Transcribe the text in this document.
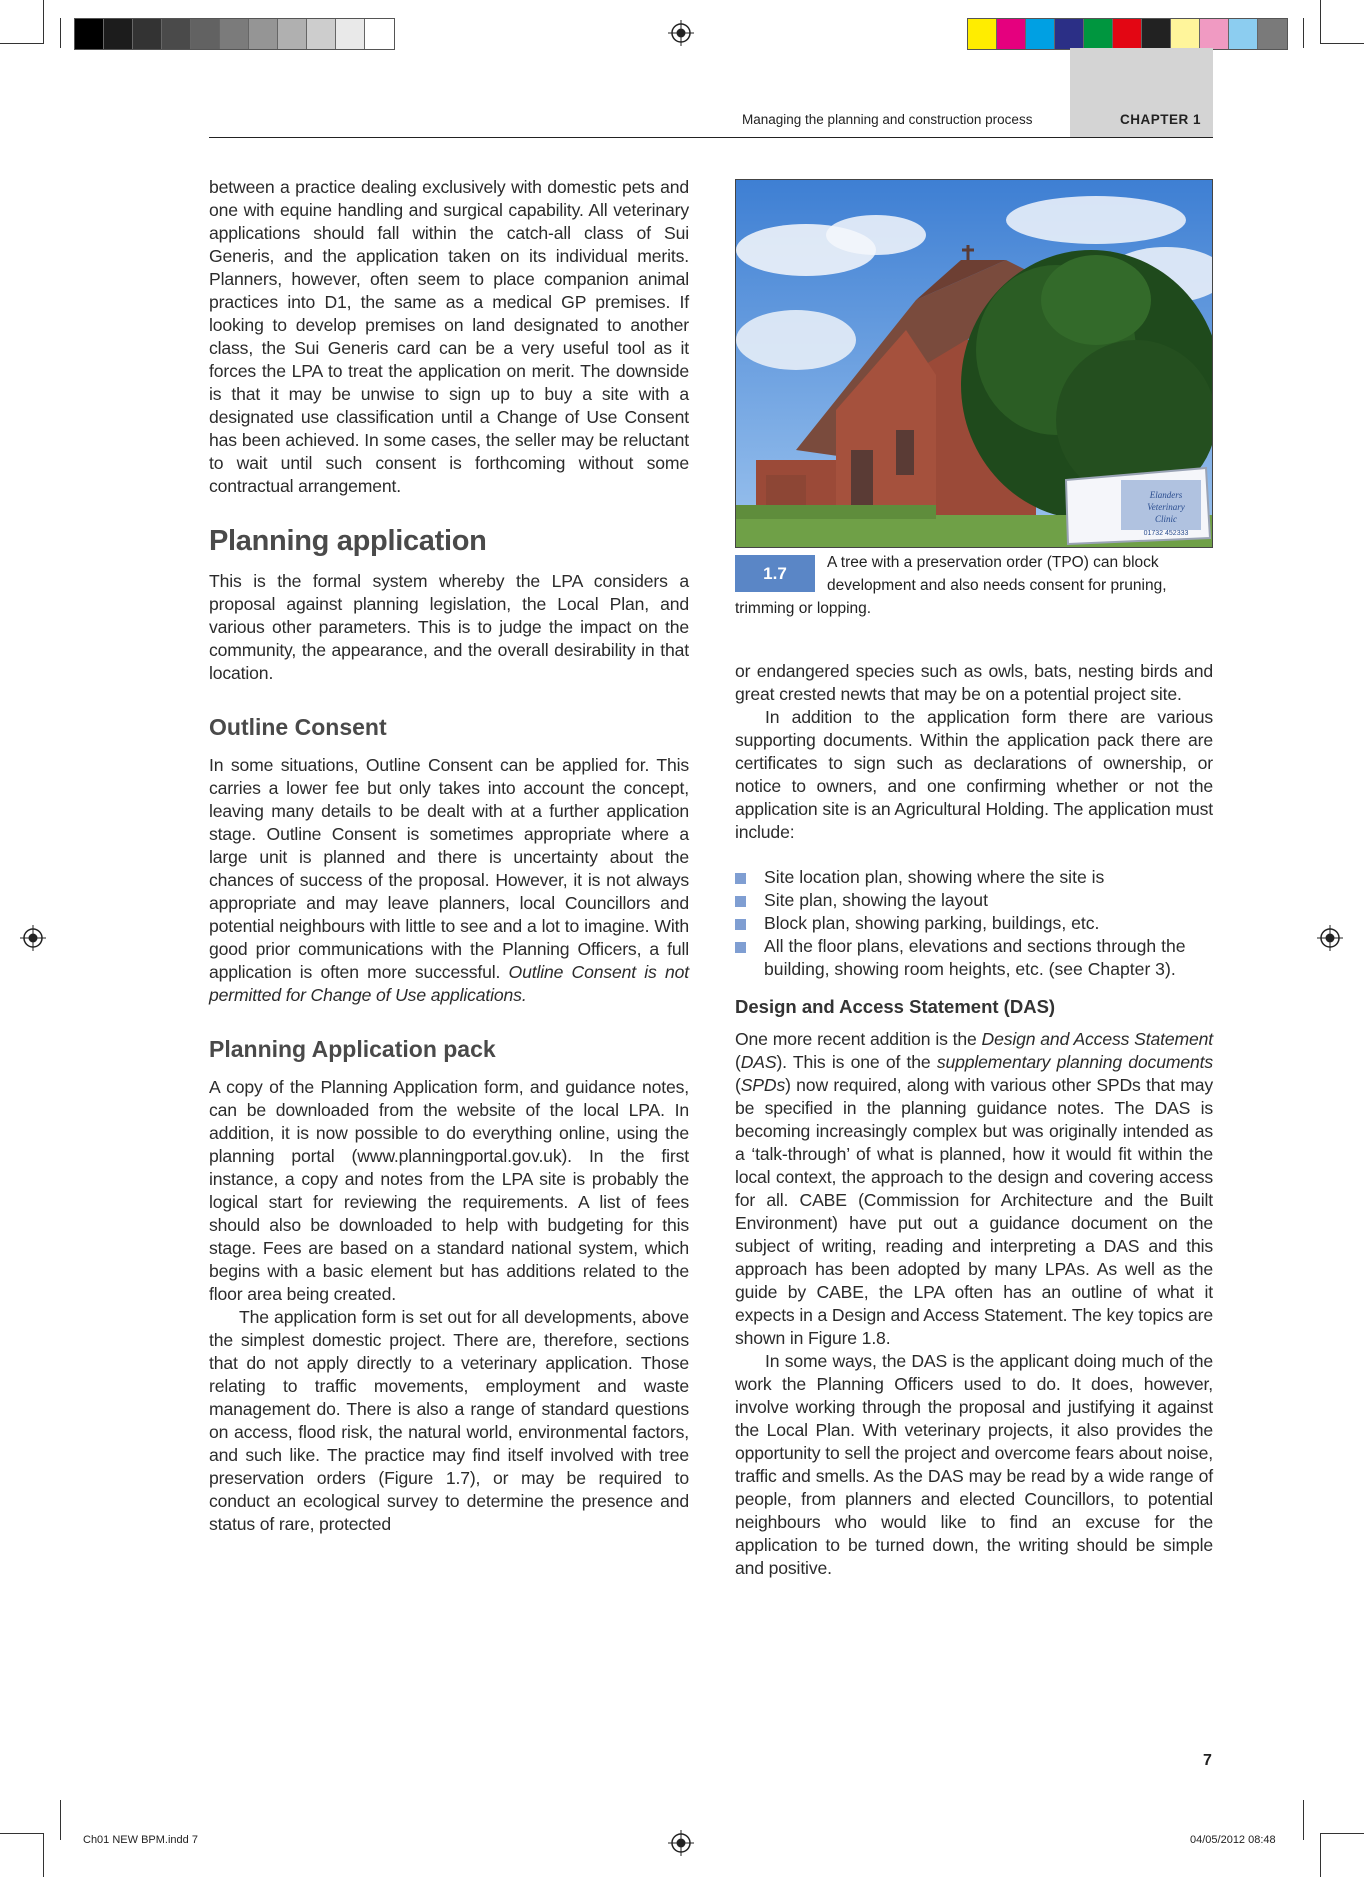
Ch01 NEW BPM.indd 7	04/05/2012 08:48
Managing the planning and construction process	CHAPTER 1

between a practice dealing exclusively with domestic pets and one with equine handling and surgical capability. All veterinary applications should fall within the catch-all class of Sui Generis, and the application taken on its individual merits. Planners, however, often seem to place companion animal practices into D1, the same as a medical GP premises. If looking to develop premises on land designated to another class, the Sui Generis card can be a very useful tool as it forces the LPA to treat the application on merit. The downside is that it may be unwise to sign up to buy a site with a designated use classification until a Change of Use Consent has been achieved. In some cases, the seller may be reluctant to wait until such consent is forthcoming without some contractual arrangement.

Planning application

This is the formal system whereby the LPA considers a proposal against planning legislation, the Local Plan, and various other parameters. This is to judge the impact on the community, the appearance, and the overall desirability in that location.

Outline Consent

In some situations, Outline Consent can be applied for. This carries a lower fee but only takes into account the concept, leaving many details to be dealt with at a further application stage. Outline Consent is sometimes appropriate where a large unit is planned and there is uncertainty about the chances of success of the proposal. However, it is not always appropriate and may leave planners, local Councillors and potential neighbours with little to see and a lot to imagine. With good prior communications with the Planning Officers, a full application is often more successful. Outline Consent is not permitted for Change of Use applications.

Planning Application pack

A copy of the Planning Application form, and guidance notes, can be downloaded from the website of the local LPA. In addition, it is now possible to do everything online, using the planning portal (www.planningportal.gov.uk). In the first instance, a copy and notes from the LPA site is probably the logical start for reviewing the requirements. A list of fees should also be downloaded to help with budgeting for this stage. Fees are based on a standard national system, which begins with a basic element but has additions related to the floor area being created.

The application form is set out for all developments, above the simplest domestic project. There are, therefore, sections that do not apply directly to a veterinary application. Those relating to traffic movements, employment and waste management do. There is also a range of standard questions on access, flood risk, the natural world, environmental factors, and such like. The practice may find itself involved with tree preservation orders (Figure 1.7), or may be required to conduct an ecological survey to determine the presence and status of rare, protected

Elanders
Veterinary
Clinic
01732 452333
1.7
A tree with a preservation order (TPO) can block
development and also needs consent for pruning,
trimming or lopping.

or endangered species such as owls, bats, nesting birds and great crested newts that may be on a potential project site.

In addition to the application form there are various supporting documents. Within the application pack there are certificates to sign such as declarations of ownership, or notice to owners, and one confirming whether or not the application site is an Agricultural Holding. The application must include:

Site location plan, showing where the site is
Site plan, showing the layout
Block plan, showing parking, buildings, etc.
All the floor plans, elevations and sections through the building, showing room heights, etc. (see Chapter 3).
Design and Access Statement (DAS)

One more recent addition is the Design and Access Statement (DAS). This is one of the supplementary planning documents (SPDs) now required, along with various other SPDs that may be specified in the planning guidance notes. The DAS is becoming increasingly complex but was originally intended as a ‘talk-through’ of what is planned, how it would fit within the local context, the approach to the design and covering access for all. CABE (Commission for Architecture and the Built Environment) have put out a guidance document on the subject of writing, reading and interpreting a DAS and this approach has been adopted by many LPAs. As well as the guide by CABE, the LPA often has an outline of what it expects in a Design and Access Statement. The key topics are shown in Figure 1.8.

In some ways, the DAS is the applicant doing much of the work the Planning Officers used to do. It does, however, involve working through the proposal and justifying it against the Local Plan. With veterinary projects, it also provides the opportunity to sell the project and overcome fears about noise, traffic and smells. As the DAS may be read by a wide range of people, from planners and elected Councillors, to potential neighbours who would like to find an excuse for the application to be turned down, the writing should be simple and positive.

7
